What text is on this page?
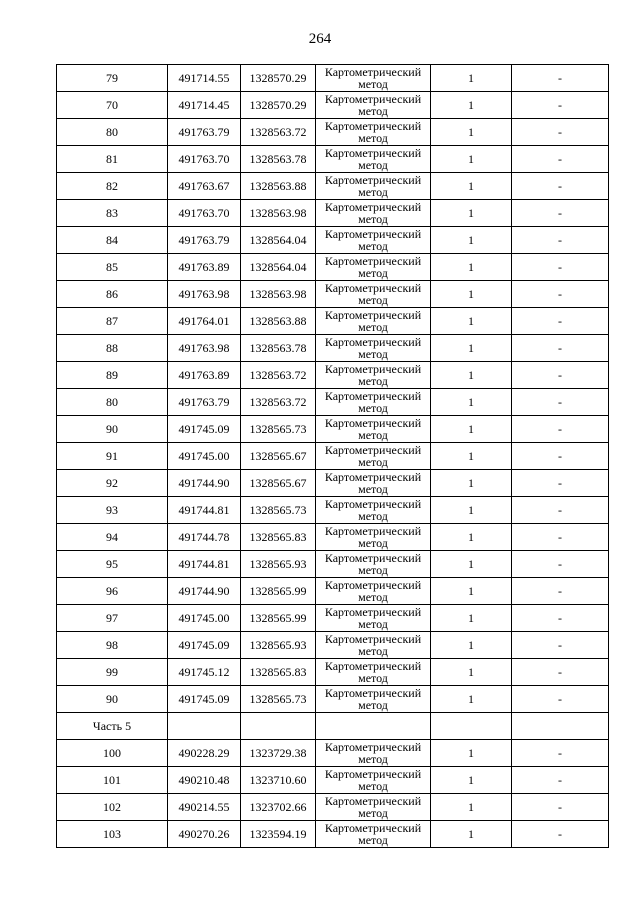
264
79	491714.55	1328570.29	Картометрический
метод	1	-
70	491714.45	1328570.29	Картометрический
метод	1	-
80	491763.79	1328563.72	Картометрический
метод	1	-
81	491763.70	1328563.78	Картометрический
метод	1	-
82	491763.67	1328563.88	Картометрический
метод	1	-
83	491763.70	1328563.98	Картометрический
метод	1	-
84	491763.79	1328564.04	Картометрический
метод	1	-
85	491763.89	1328564.04	Картометрический
метод	1	-
86	491763.98	1328563.98	Картометрический
метод	1	-
87	491764.01	1328563.88	Картометрический
метод	1	-
88	491763.98	1328563.78	Картометрический
метод	1	-
89	491763.89	1328563.72	Картометрический
метод	1	-
80	491763.79	1328563.72	Картометрический
метод	1	-
90	491745.09	1328565.73	Картометрический
метод	1	-
91	491745.00	1328565.67	Картометрический
метод	1	-
92	491744.90	1328565.67	Картометрический
метод	1	-
93	491744.81	1328565.73	Картометрический
метод	1	-
94	491744.78	1328565.83	Картометрический
метод	1	-
95	491744.81	1328565.93	Картометрический
метод	1	-
96	491744.90	1328565.99	Картометрический
метод	1	-
97	491745.00	1328565.99	Картометрический
метод	1	-
98	491745.09	1328565.93	Картометрический
метод	1	-
99	491745.12	1328565.83	Картометрический
метод	1	-
90	491745.09	1328565.73	Картометрический
метод	1	-
Часть 5					
100	490228.29	1323729.38	Картометрический
метод	1	-
101	490210.48	1323710.60	Картометрический
метод	1	-
102	490214.55	1323702.66	Картометрический
метод	1	-
103	490270.26	1323594.19	Картометрический
метод	1	-
